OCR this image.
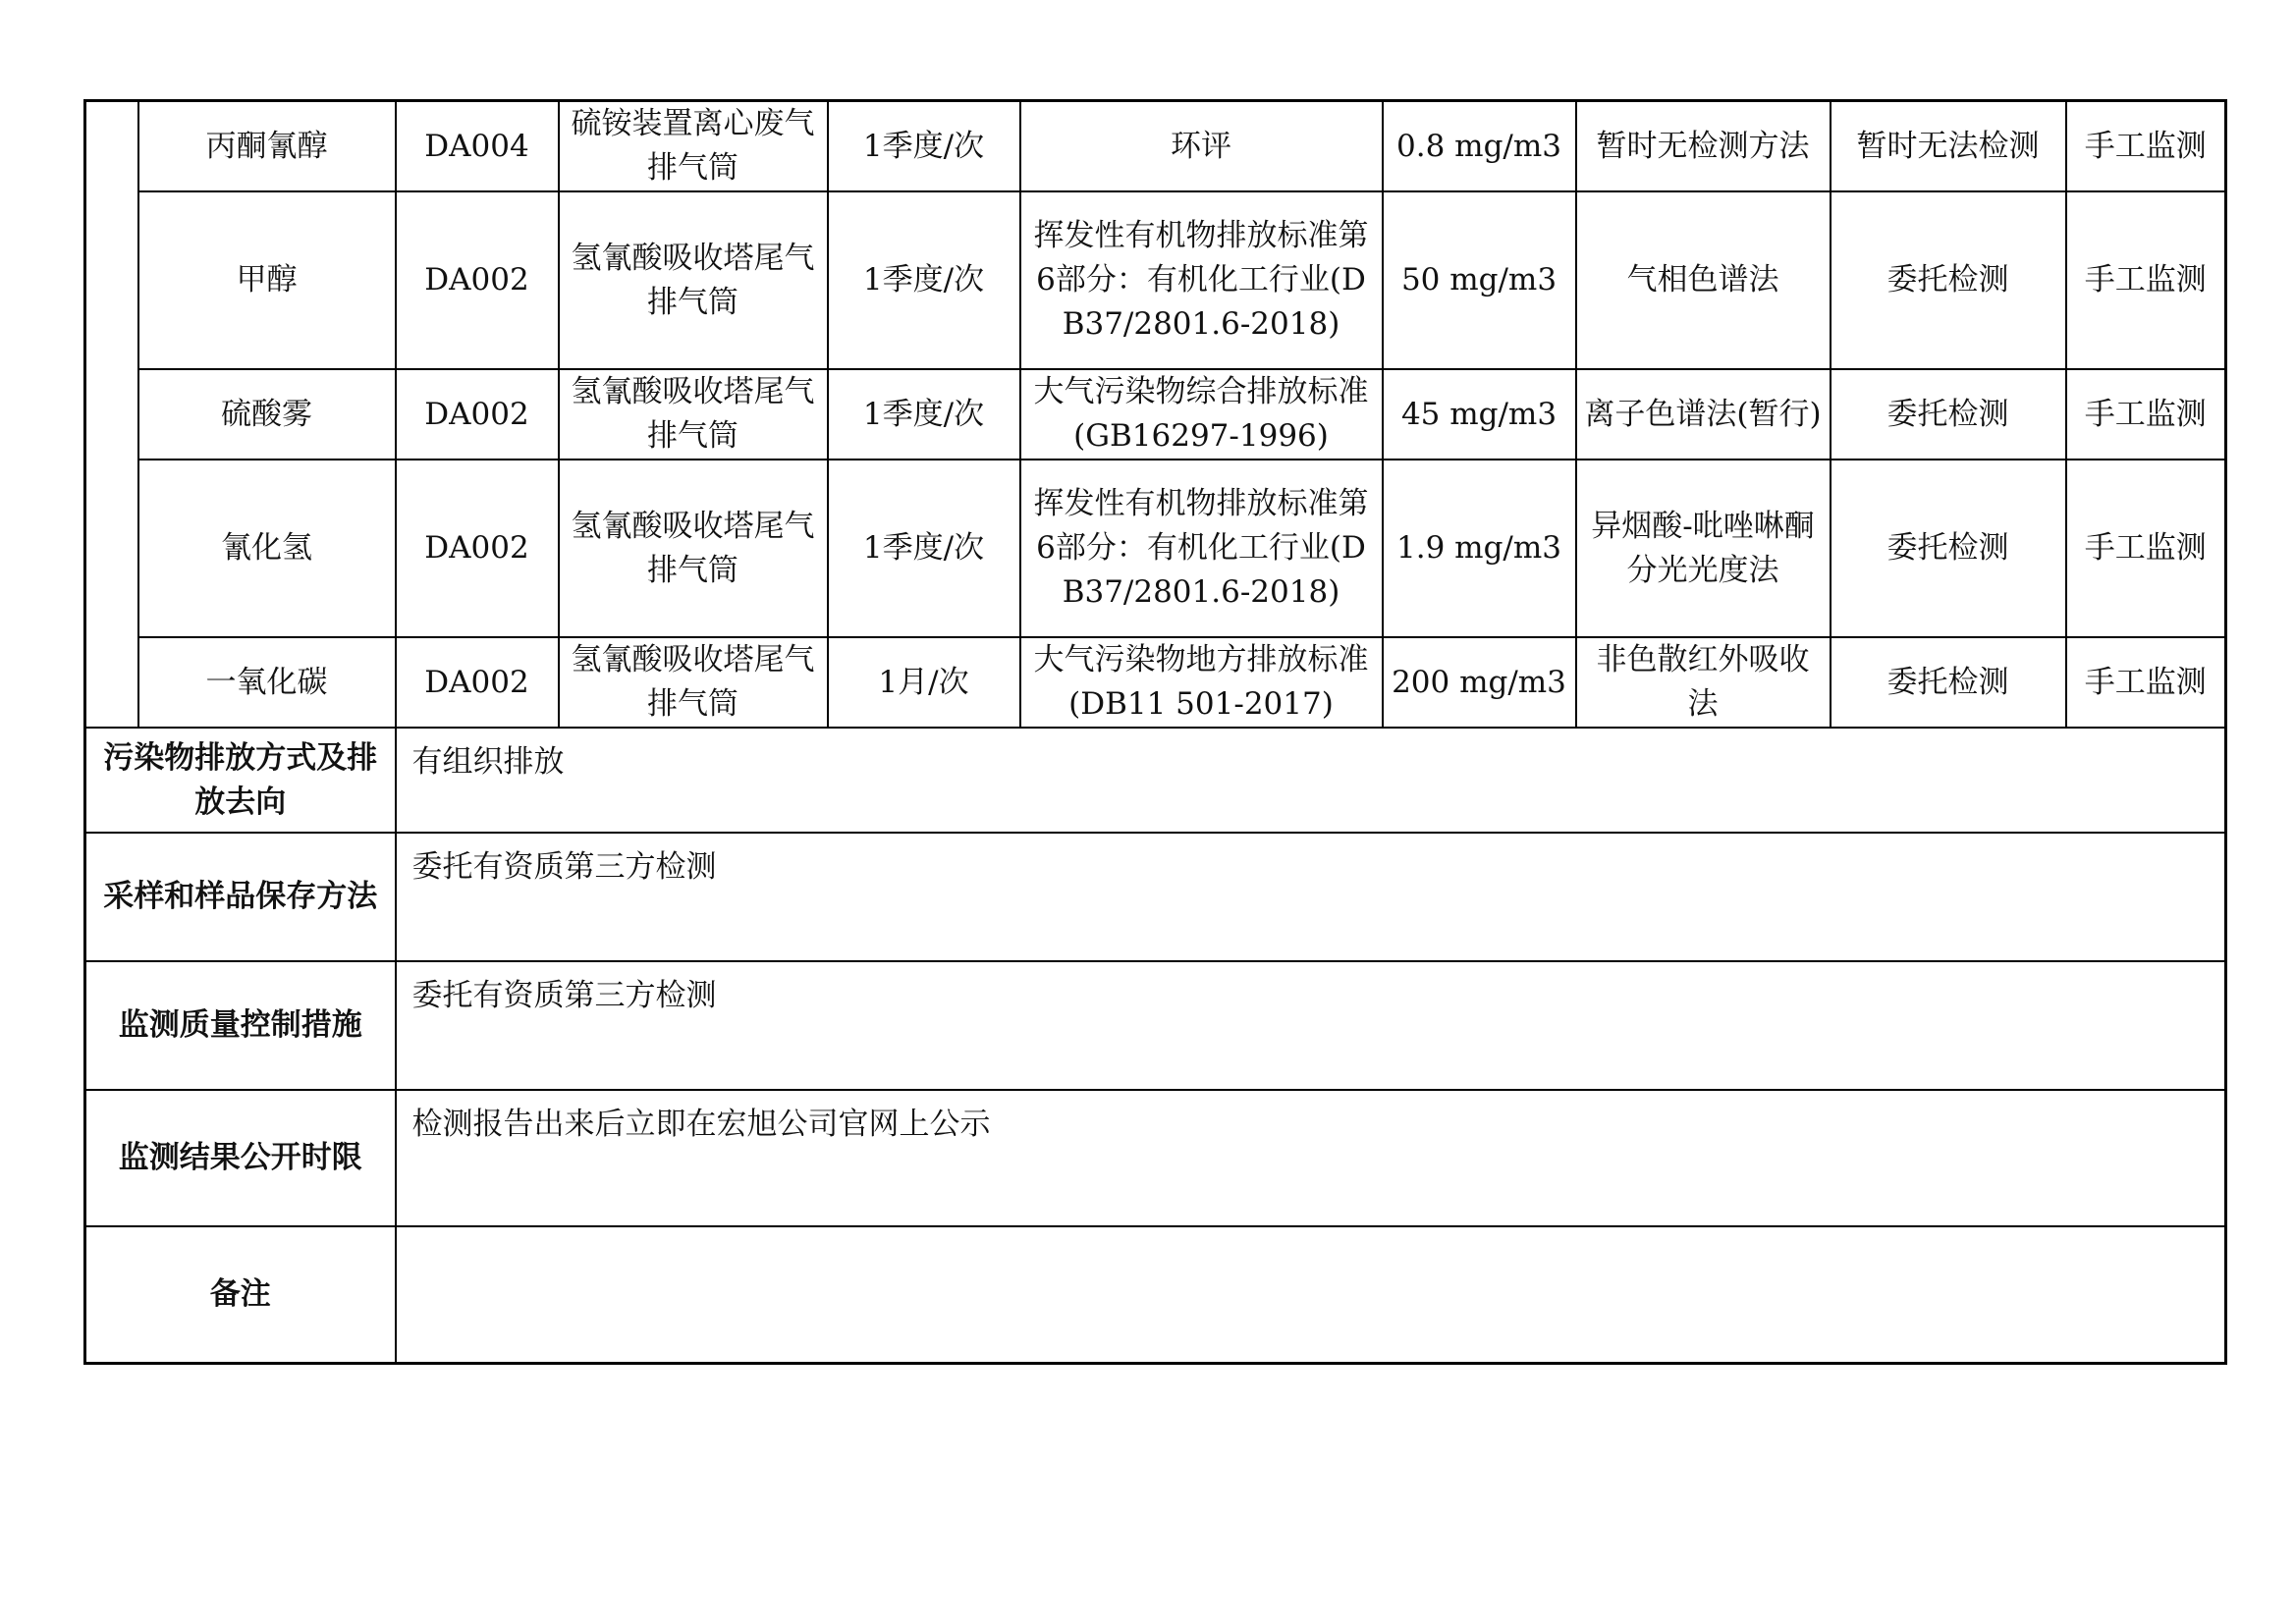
	丙酮氰醇	DA004	硫铵装置离心废气排气筒	1季度/次	环评	0.8 mg/m3	暂时无检测方法	暂时无法检测	手工监测
	甲醇	DA002	氢氰酸吸收塔尾气排气筒	1季度/次	挥发性有机物排放标准第6部分：有机化工行业(DB37/2801.6-2018)	50 mg/m3	气相色谱法	委托检测	手工监测
	硫酸雾	DA002	氢氰酸吸收塔尾气排气筒	1季度/次	大气污染物综合排放标准(GB16297-1996)	45 mg/m3	离子色谱法(暂行)	委托检测	手工监测
	氰化氢	DA002	氢氰酸吸收塔尾气排气筒	1季度/次	挥发性有机物排放标准第6部分：有机化工行业(DB37/2801.6-2018)	1.9 mg/m3	异烟酸-吡唑啉酮分光光度法	委托检测	手工监测
	一氧化碳	DA002	氢氰酸吸收塔尾气排气筒	1月/次	大气污染物地方排放标准(DB11 501-2017)	200 mg/m3	非色散红外吸收法	委托检测	手工监测
污染物排放方式及排放去向		有组织排放							
采样和样品保存方法		委托有资质第三方检测							
监测质量控制措施		委托有资质第三方检测							
监测结果公开时限		检测报告出来后立即在宏旭公司官网上公示							
备注									
